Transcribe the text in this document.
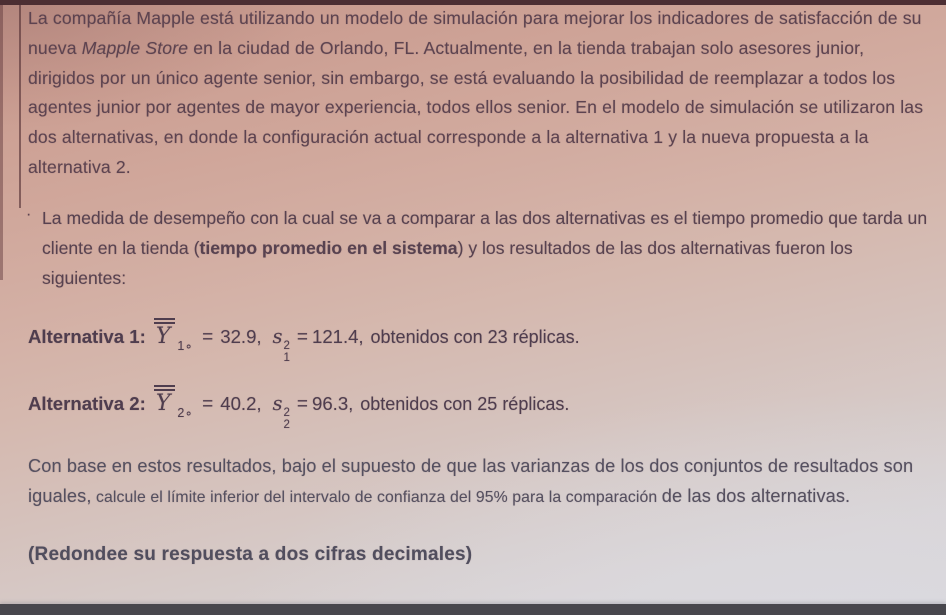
La compañía Mapple está utilizando un modelo de simulación para mejorar los indicadores de satisfacción de su nueva Mapple Store en la ciudad de Orlando, FL. Actualmente, en la tienda trabajan solo asesores junior, dirigidos por un único agente senior, sin embargo, se está evaluando la posibilidad de reemplazar a todos los agentes junior por agentes de mayor experiencia, todos ellos senior. En el modelo de simulación se utilizaron las dos alternativas, en donde la configuración actual corresponde a la alternativa 1 y la nueva propuesta a la alternativa 2.

· La medida de desempeño con la cual se va a comparar a las dos alternativas es el tiempo promedio que tarda un cliente en la tienda (tiempo promedio en el sistema) y los resultados de las dos alternativas fueron los siguientes:

Alternativa 1: Y $_{1\circ}$ = 32.9, s 2
1
= 121.4, obtenidos con 23 réplicas.
Alternativa 2: Y $_{2\circ}$ = 40.2, s 2
2
= 96.3, obtenidos con 25 réplicas.

Con base en estos resultados, bajo el supuesto de que las varianzas de los dos conjuntos de resultados son iguales, calcule el límite inferior del intervalo de confianza del 95% para la comparación de las dos alternativas.

(Redondee su respuesta a dos cifras decimales)
